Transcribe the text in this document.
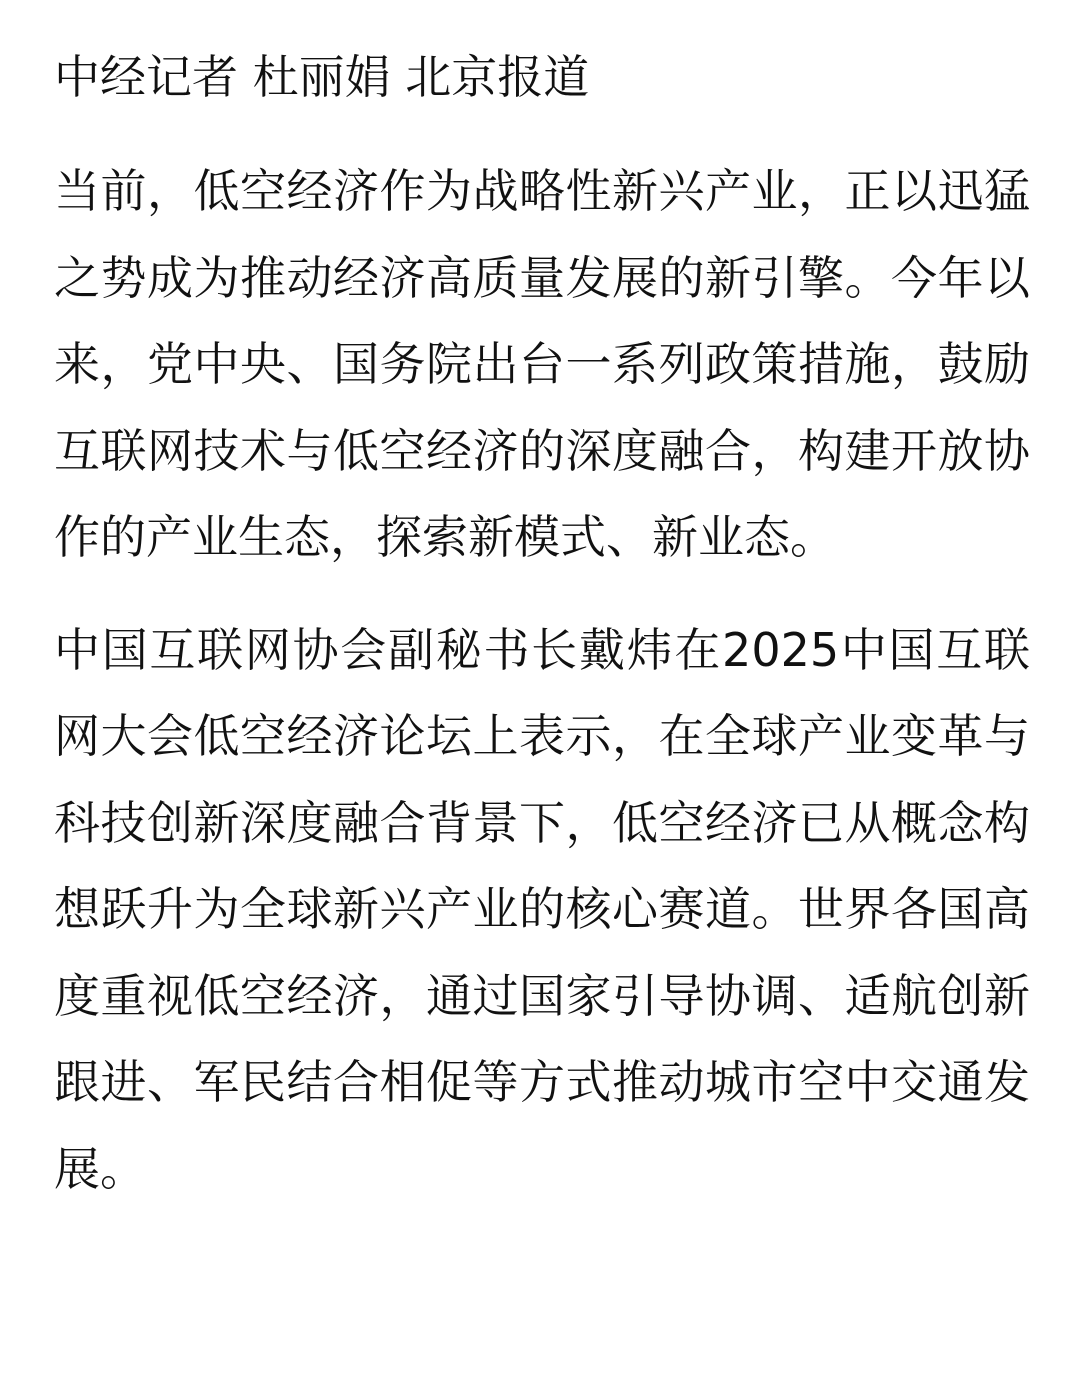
中经记者 杜丽娟 北京报道

当前，低空经济作为战略性新兴产业，正以迅猛之势成为推动经济高质量发展的新引擎。今年以来，党中央、国务院出台一系列政策措施，鼓励互联网技术与低空经济的深度融合，构建开放协作的产业生态，探索新模式、新业态。

中国互联网协会副秘书长戴炜在2025中国互联网大会低空经济论坛上表示，在全球产业变革与科技创新深度融合背景下，低空经济已从概念构想跃升为全球新兴产业的核心赛道。世界各国高度重视低空经济，通过国家引导协调、适航创新跟进、军民结合相促等方式推动城市空中交通发展。
